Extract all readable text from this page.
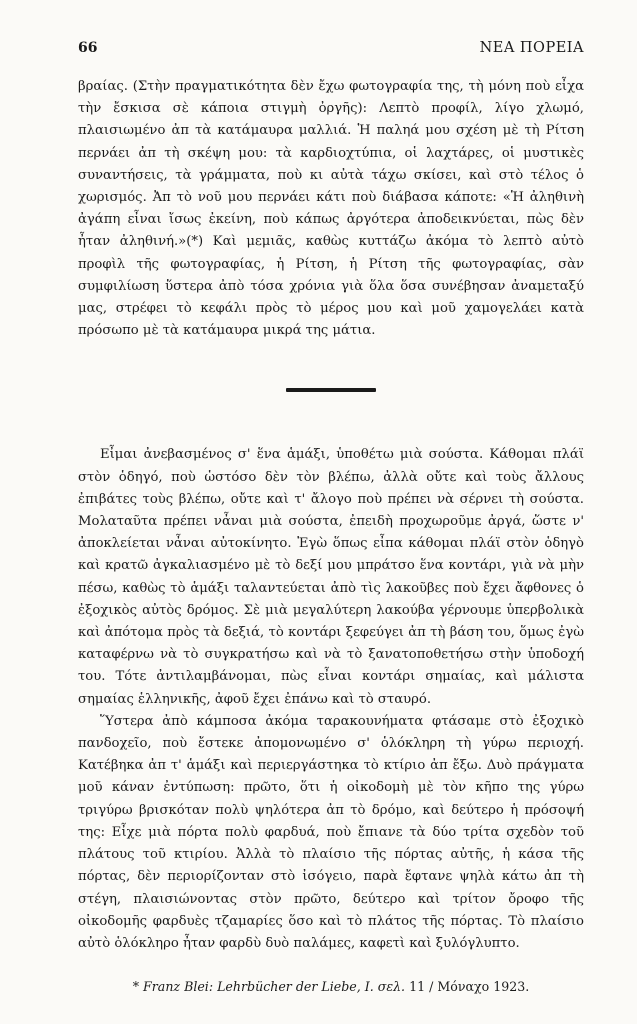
66	ΝΕΑ ΠΟΡΕΙΑ

βραίας. (Στὴν πραγματικότητα δὲν ἔχω φωτογραφία της, τὴ μόνη ποὺ εἶχα τὴν ἔσκισα σὲ κάποια στιγμὴ ὀργῆς): Λεπτὸ προφίλ, λίγο χλωμό, πλαισιωμένο ἀπ τὰ κατάμαυρα μαλλιά. Ἡ παληά μου σχέση μὲ τὴ Ρίτση περνάει ἀπ τὴ σκέψη μου: τὰ καρδιοχτύπια, οἱ λαχτάρες, οἱ μυστικὲς συναντήσεις, τὰ γράμματα, ποὺ κι αὐτὰ τάχω σκίσει, καὶ στὸ τέλος ὁ χωρισμός. Ἀπ τὸ νοῦ μου περνάει κάτι ποὺ διάβασα κάποτε: «Ἡ ἀληθινὴ ἀγάπη εἶναι ἴσως ἐκείνη, ποὺ κάπως ἀργότερα ἀποδεικνύεται, πὼς δὲν ἦταν ἀληθινή.»(*) Καὶ μεμιᾶς, καθὼς κυττάζω ἀκόμα τὸ λεπτὸ αὐτὸ προφὶλ τῆς φωτογραφίας, ἡ Ρίτση, ἡ Ρίτση τῆς φωτογραφίας, σὰν συμφιλίωση ὕστερα ἀπὸ τόσα χρόνια γιὰ ὅλα ὅσα συνέβησαν ἀναμεταξύ μας, στρέφει τὸ κεφάλι πρὸς τὸ μέρος μου καὶ μοῦ χαμογελάει κατὰ πρόσωπο μὲ τὰ κατάμαυρα μικρά της μάτια.

Εἶμαι ἀνεβασμένος σ' ἕνα ἁμάξι, ὑποθέτω μιὰ σούστα. Κάθομαι πλάϊ στὸν ὁδηγό, ποὺ ὡστόσο δὲν τὸν βλέπω, ἀλλὰ οὔτε καὶ τοὺς ἄλλους ἐπιβάτες τοὺς βλέπω, οὔτε καὶ τ' ἄλογο ποὺ πρέπει νὰ σέρνει τὴ σούστα. Μολαταῦτα πρέπει νἆναι μιὰ σούστα, ἐπειδὴ προχωροῦμε ἀργά, ὥστε ν' ἀποκλείεται νἆναι αὐτοκίνητο. Ἐγὼ ὅπως εἶπα κάθομαι πλάϊ στὸν ὁδηγὸ καὶ κρατῶ ἀγκαλιασμένο μὲ τὸ δεξί μου μπράτσο ἕνα κοντάρι, γιὰ νὰ μὴν πέσω, καθὼς τὸ ἁμάξι ταλαντεύεται ἀπὸ τὶς λακοῦβες ποὺ ἔχει ἄφθονες ὁ ἐξοχικὸς αὐτὸς δρόμος. Σὲ μιὰ μεγαλύτερη λακούβα γέρνουμε ὑπερβολικὰ καὶ ἀπότομα πρὸς τὰ δεξιά, τὸ κοντάρι ξεφεύγει ἀπ τὴ βάση του, ὅμως ἐγὼ καταφέρνω νὰ τὸ συγκρατήσω καὶ νὰ τὸ ξανατοποθετήσω στὴν ὑποδοχή του. Τότε ἀντιλαμβάνομαι, πὼς εἶναι κοντάρι σημαίας, καὶ μάλιστα σημαίας ἑλληνικῆς, ἀφοῦ ἔχει ἐπάνω καὶ τὸ σταυρό.

Ὕστερα ἀπὸ κάμποσα ἀκόμα ταρακουνήματα φτάσαμε στὸ ἐξοχικὸ πανδοχεῖο, ποὺ ἔστεκε ἀπομονωμένο σ' ὁλόκληρη τὴ γύρω περιοχή. Κατέβηκα ἀπ τ' ἁμάξι καὶ περιεργάστηκα τὸ κτίριο ἀπ ἔξω. Δυὸ πράγματα μοῦ κάναν ἐντύπωση: πρῶτο, ὅτι ἡ οἰκοδομὴ μὲ τὸν κῆπο της γύρω τριγύρω βρισκόταν πολὺ ψηλότερα ἀπ τὸ δρόμο, καὶ δεύτερο ἡ πρόσοψή της: Εἶχε μιὰ πόρτα πολὺ φαρδυά, ποὺ ἔπιανε τὰ δύο τρίτα σχεδὸν τοῦ πλάτους τοῦ κτιρίου. Ἀλλὰ τὸ πλαίσιο τῆς πόρτας αὐτῆς, ἡ κάσα τῆς πόρτας, δὲν περιορίζονταν στὸ ἰσόγειο, παρὰ ἔφτανε ψηλὰ κάτω ἀπ τὴ στέγη, πλαισιώνοντας στὸν πρῶτο, δεύτερο καὶ τρίτον ὄροφο τῆς οἰκοδομῆς φαρδυὲς τζαμαρίες ὅσο καὶ τὸ πλάτος τῆς πόρτας. Τὸ πλαίσιο αὐτὸ ὁλόκληρο ἦταν φαρδὺ δυὸ παλάμες, καφετὶ καὶ ξυλόγλυπτο.

* Franz Blei: Lehrbücher der Liebe, I. σελ. 11 / Μόναχο 1923.
